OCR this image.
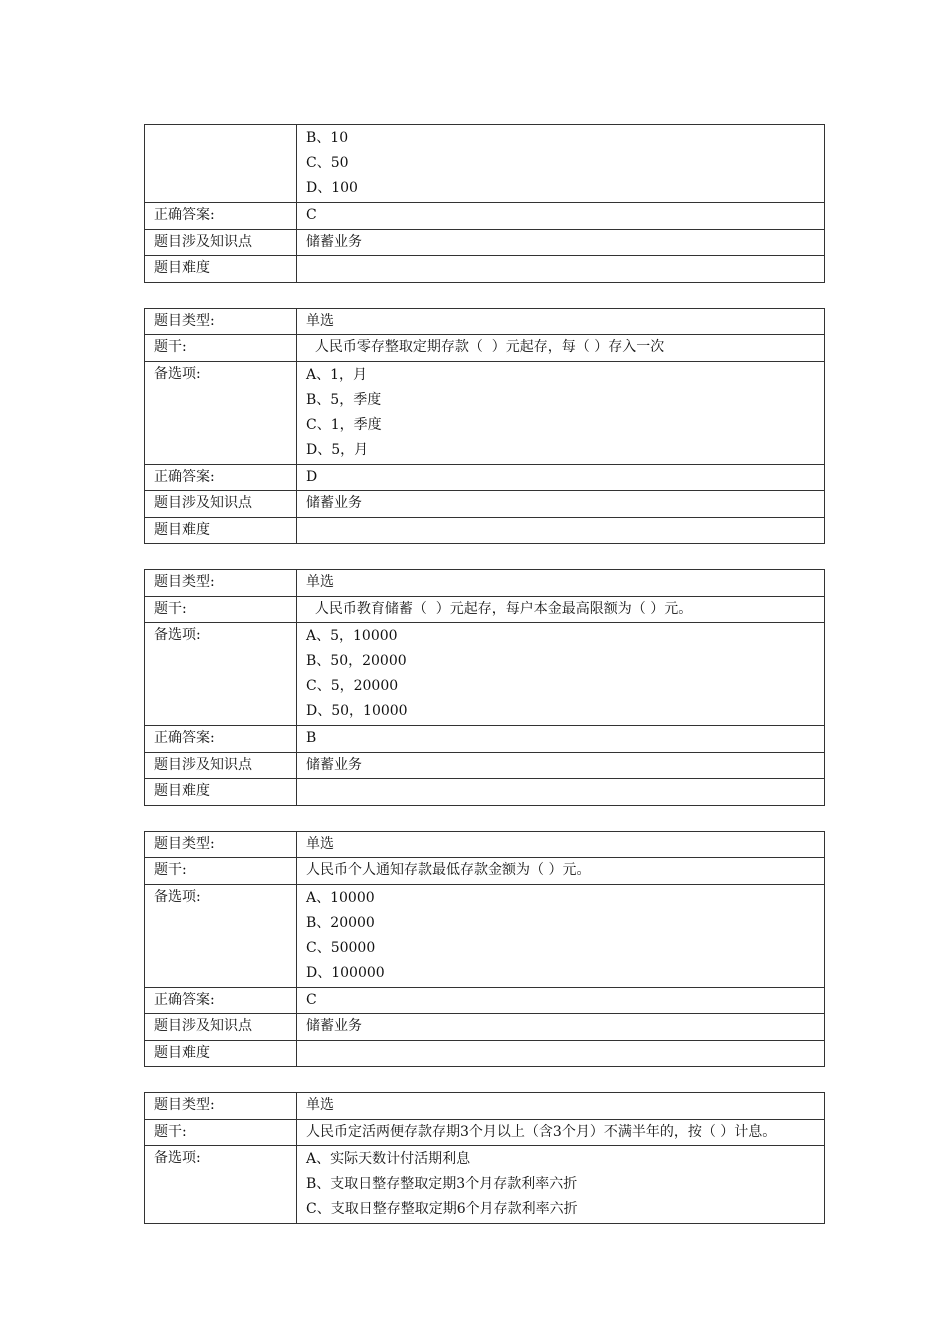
	B、10
C、50
D、100

正确答案:	C
题目涉及知识点	储蓄业务
题目难度	
题目类型:	单选
题干:	人民币零存整取定期存款（  ）元起存，每（ ）存入一次
备选项:	A、1，月
B、5，季度
C、1，季度
D、5，月

正确答案:	D
题目涉及知识点	储蓄业务
题目难度	
题目类型:	单选
题干:	人民币教育储蓄（  ）元起存，每户本金最高限额为（ ）元。
备选项:	A、5，10000
B、50，20000
C、5，20000
D、50，10000

正确答案:	B
题目涉及知识点	储蓄业务
题目难度	
题目类型:	单选
题干:	人民币个人通知存款最低存款金额为（ ）元。
备选项:	A、10000
B、20000
C、50000
D、100000

正确答案:	C
题目涉及知识点	储蓄业务
题目难度	
题目类型:	单选
题干:	人民币定活两便存款存期3个月以上（含3个月）不满半年的，按（ ）计息。
备选项:	A、实际天数计付活期利息
B、支取日整存整取定期3个月存款利率六折
C、支取日整存整取定期6个月存款利率六折
